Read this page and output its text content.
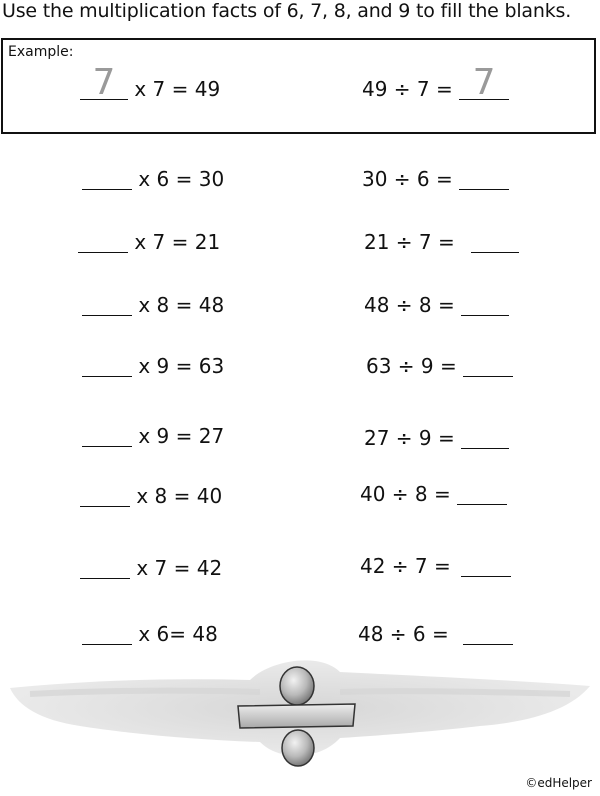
Use the multiplication facts of 6, 7, 8, and 9 to fill the blanks.
Example:
7 x 7 = 49	49 ÷ 7 = 7
x 6 = 30	30 ÷ 6 =
x 7 = 21	21 ÷ 7 =
x 8 = 48	48 ÷ 8 =
x 9 = 63	63 ÷ 9 =
x 9 = 27	27 ÷ 9 =
x 8 = 40	40 ÷ 8 =
x 7 = 42	42 ÷ 7 =
x 6= 48	48 ÷ 6 =
©edHelper
